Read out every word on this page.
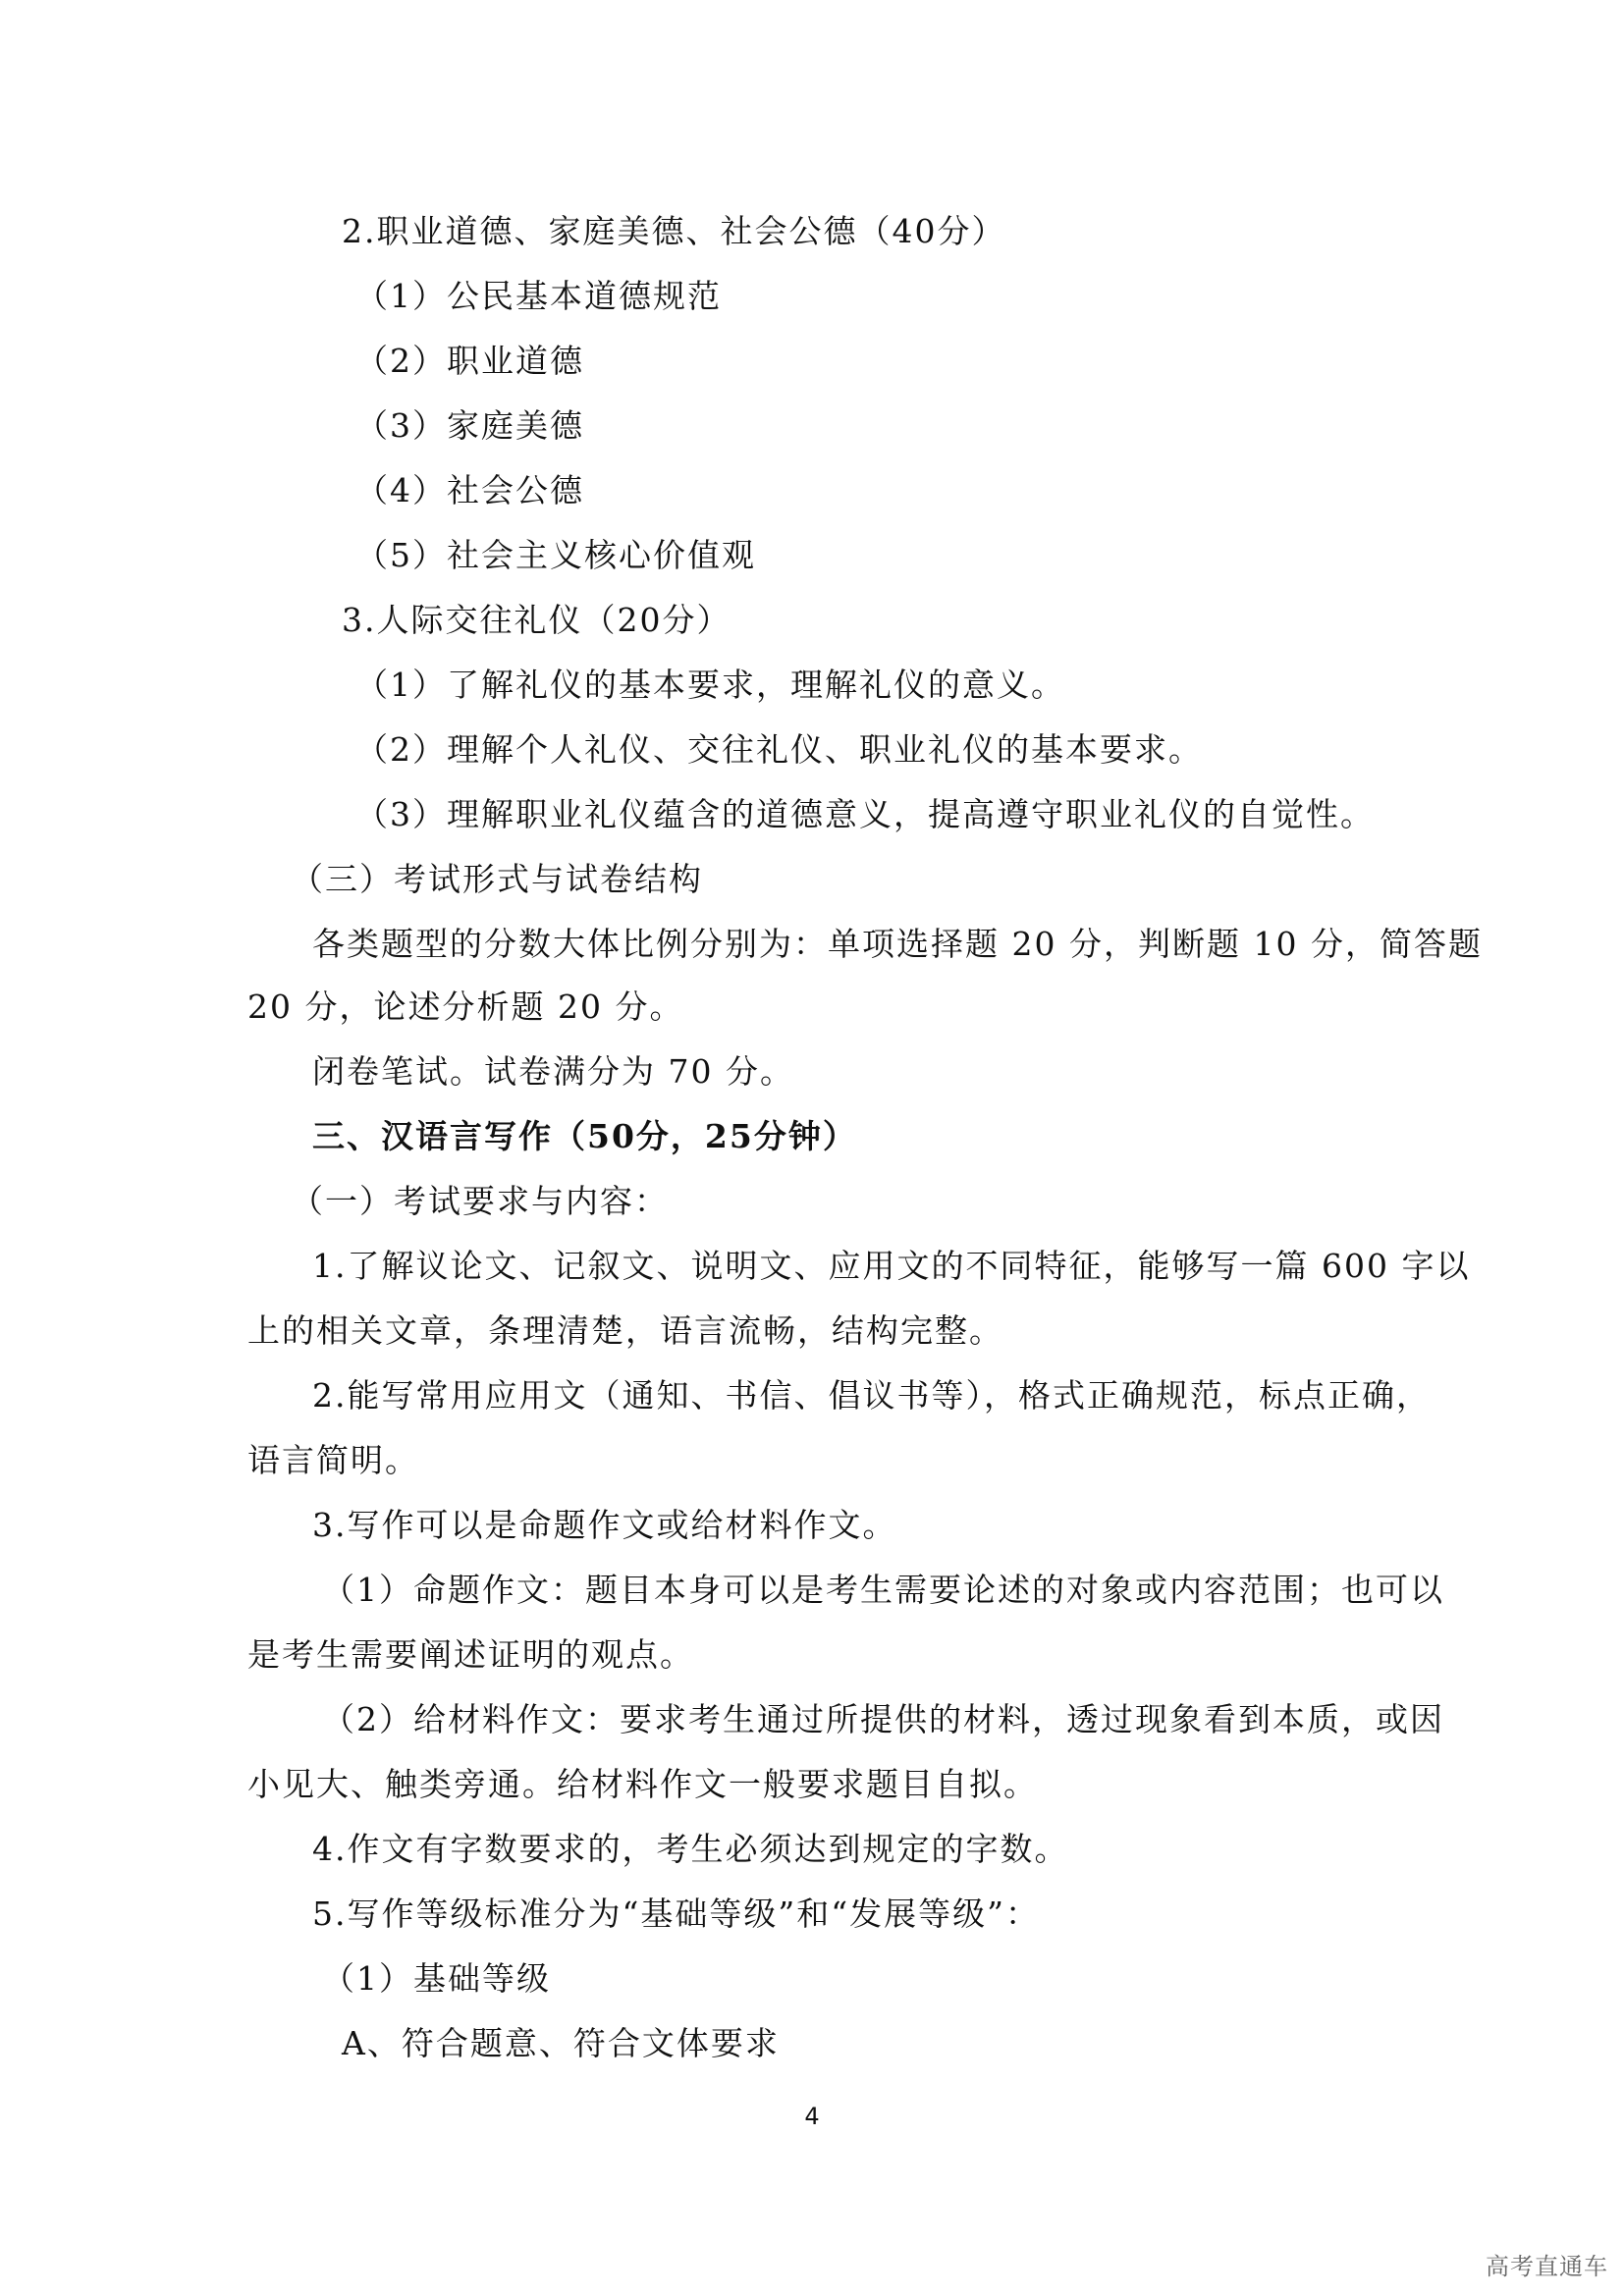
2.职业道德、家庭美德、社会公德（40分）
（1）公民基本道德规范
（2）职业道德
（3）家庭美德
（4）社会公德
（5）社会主义核心价值观
3.人际交往礼仪（20分）
（1）了解礼仪的基本要求，理解礼仪的意义。
（2）理解个人礼仪、交往礼仪、职业礼仪的基本要求。
（3）理解职业礼仪蕴含的道德意义，提高遵守职业礼仪的自觉性。
（三）考试形式与试卷结构
各类题型的分数大体比例分别为：单项选择题 20 分，判断题 10 分，简答题
20 分，论述分析题 20 分。
闭卷笔试。试卷满分为 70 分。
三、汉语言写作（50分，25分钟）
（一）考试要求与内容：
1.了解议论文、记叙文、说明文、应用文的不同特征，能够写一篇 600 字以
上的相关文章，条理清楚，语言流畅，结构完整。
2.能写常用应用文（通知、书信、倡议书等），格式正确规范，标点正确，
语言简明。
3.写作可以是命题作文或给材料作文。
（1）命题作文：题目本身可以是考生需要论述的对象或内容范围；也可以
是考生需要阐述证明的观点。
（2）给材料作文：要求考生通过所提供的材料，透过现象看到本质，或因
小见大、触类旁通。给材料作文一般要求题目自拟。
4.作文有字数要求的，考生必须达到规定的字数。
5.写作等级标准分为“基础等级”和“发展等级”：
（1）基础等级
A、符合题意、符合文体要求
4
高考直通车
